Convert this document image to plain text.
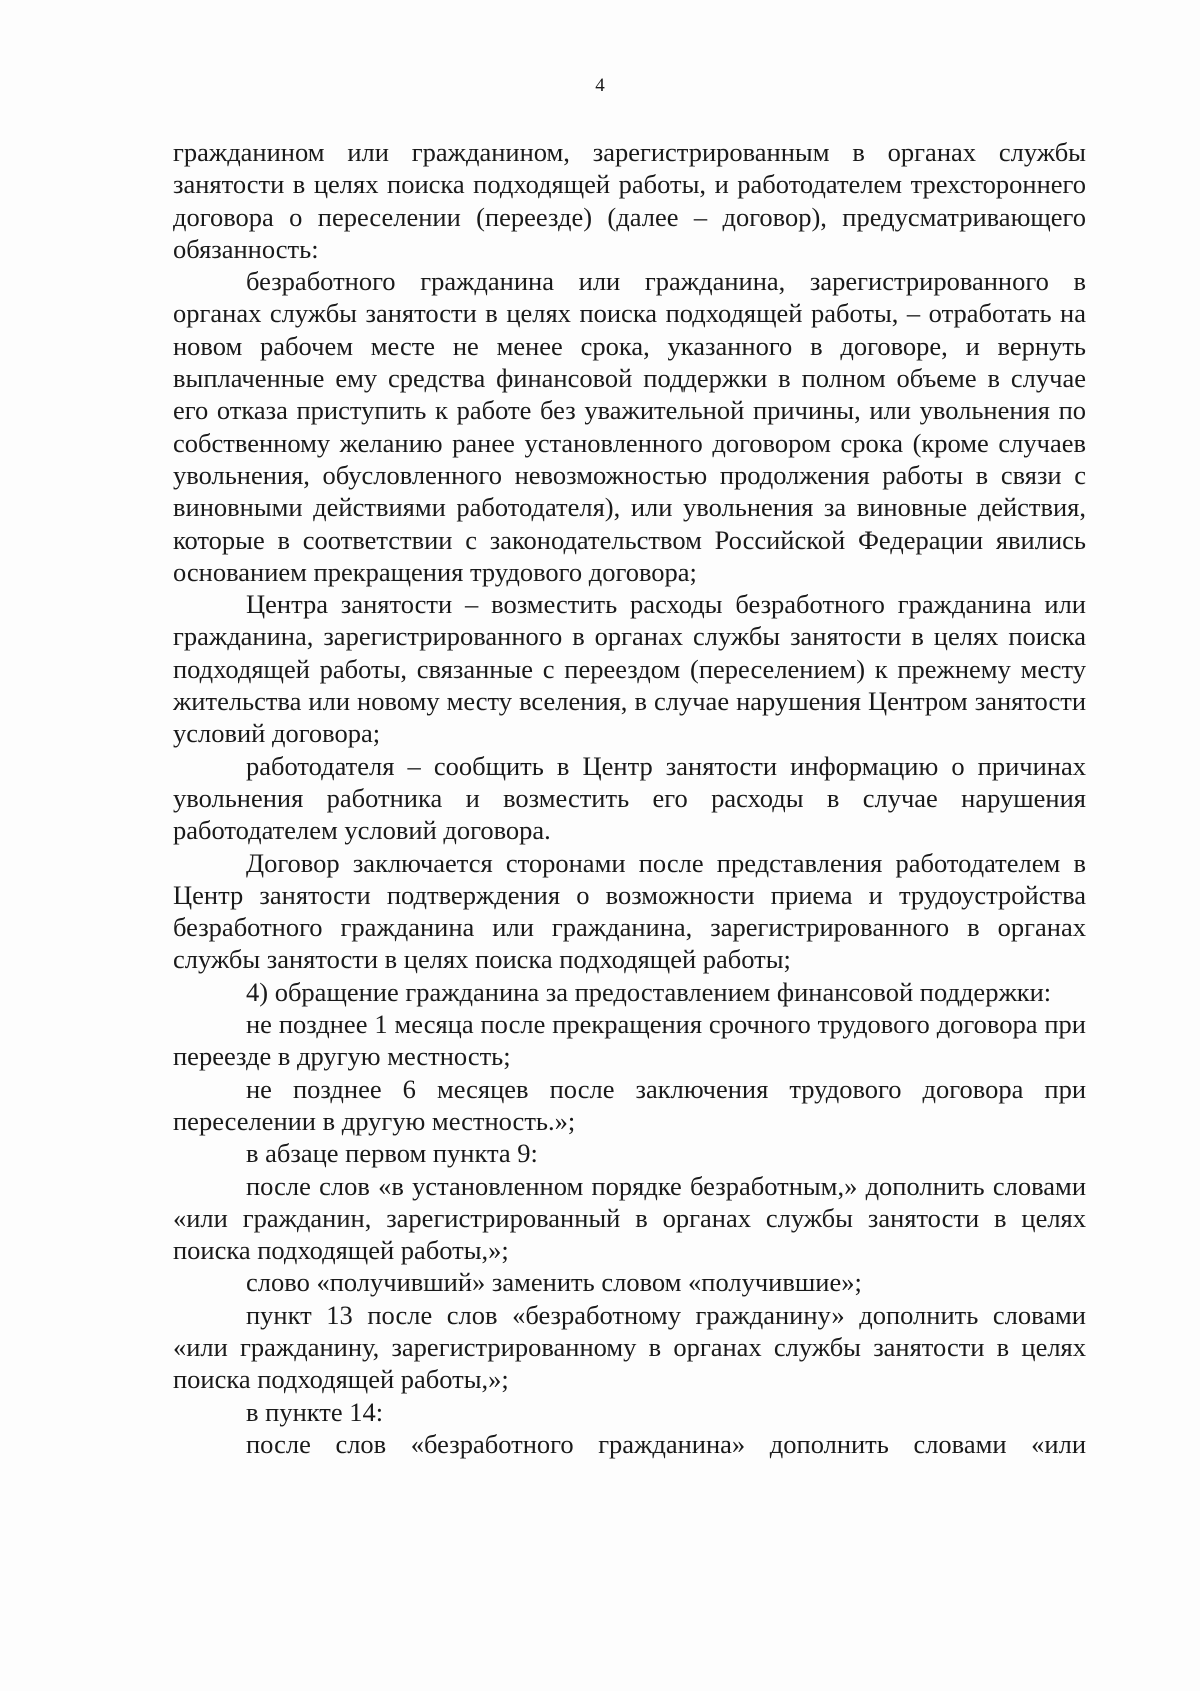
4

гражданином или гражданином, зарегистрированным в органах службы занятости в целях поиска подходящей работы, и работодателем трехстороннего договора о переселении (переезде) (далее – договор), предусматривающего обязанность:

безработного гражданина или гражданина, зарегистрированного в органах службы занятости в целях поиска подходящей работы, – отработать на новом рабочем месте не менее срока, указанного в договоре, и вернуть выплаченные ему средства финансовой поддержки в полном объеме в случае его отказа приступить к работе без уважительной причины, или увольнения по собственному желанию ранее установленного договором срока (кроме случаев увольнения, обусловленного невозможностью продолжения работы в связи с виновными действиями работодателя), или увольнения за виновные действия, которые в соответствии с законодательством Российской Федерации явились основанием прекращения трудового договора;

Центра занятости – возместить расходы безработного гражданина или гражданина, зарегистрированного в органах службы занятости в целях поиска подходящей работы, связанные с переездом (переселением) к прежнему месту жительства или новому месту вселения, в случае нарушения Центром занятости условий договора;

работодателя – сообщить в Центр занятости информацию о причинах увольнения работника и возместить его расходы в случае нарушения работодателем условий договора.

Договор заключается сторонами после представления работодателем в Центр занятости подтверждения о возможности приема и трудоустройства безработного гражданина или гражданина, зарегистрированного в органах службы занятости в целях поиска подходящей работы;

4) обращение гражданина за предоставлением финансовой поддержки:

не позднее 1 месяца после прекращения срочного трудового договора при переезде в другую местность;

не позднее 6 месяцев после заключения трудового договора при переселении в другую местность.»;

в абзаце первом пункта 9:

после слов «в установленном порядке безработным,» дополнить словами «или гражданин, зарегистрированный в органах службы занятости в целях поиска подходящей работы,»;

слово «получивший» заменить словом «получившие»;

пункт 13 после слов «безработному гражданину» дополнить словами «или гражданину, зарегистрированному в органах службы занятости в целях поиска подходящей работы,»;

в пункте 14:

после слов «безработного гражданина» дополнить словами «или
